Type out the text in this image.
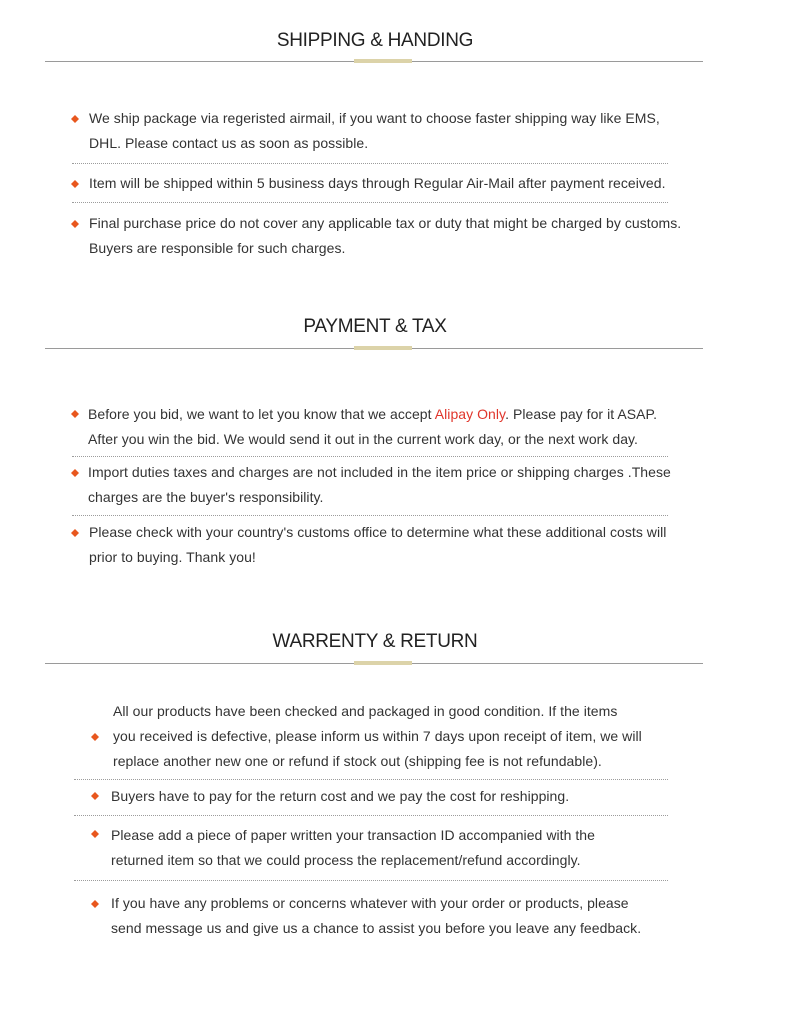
SHIPPING & HANDING
We ship package via regeristed airmail, if you want to choose faster shipping way like EMS,
DHL. Please contact us as soon as possible.
Item will be shipped within 5 business days through Regular Air-Mail after payment received.
Final purchase price do not cover any applicable tax or duty that might be charged by customs.
Buyers are responsible for such charges.
PAYMENT & TAX
Before you bid, we want to let you know that we accept Alipay Only. Please pay for it ASAP.
After you win the bid. We would send it out in the current work day, or the next work day.
Import duties taxes and charges are not included in the item price or shipping charges .These
charges are the buyer's responsibility.
Please check with your country's customs office to determine what these additional costs will
prior to buying. Thank you!
WARRENTY & RETURN
All our products have been checked and packaged in good condition. If the items
you received is defective, please inform us within 7 days upon receipt of item, we will
replace another new one or refund if stock out (shipping fee is not refundable).
Buyers have to pay for the return cost and we pay the cost for reshipping.
Please add a piece of paper written your transaction ID accompanied with the
returned item so that we could process the replacement/refund accordingly.
If you have any problems or concerns whatever with your order or products, please
send message us and give us a chance to assist you before you leave any feedback.
